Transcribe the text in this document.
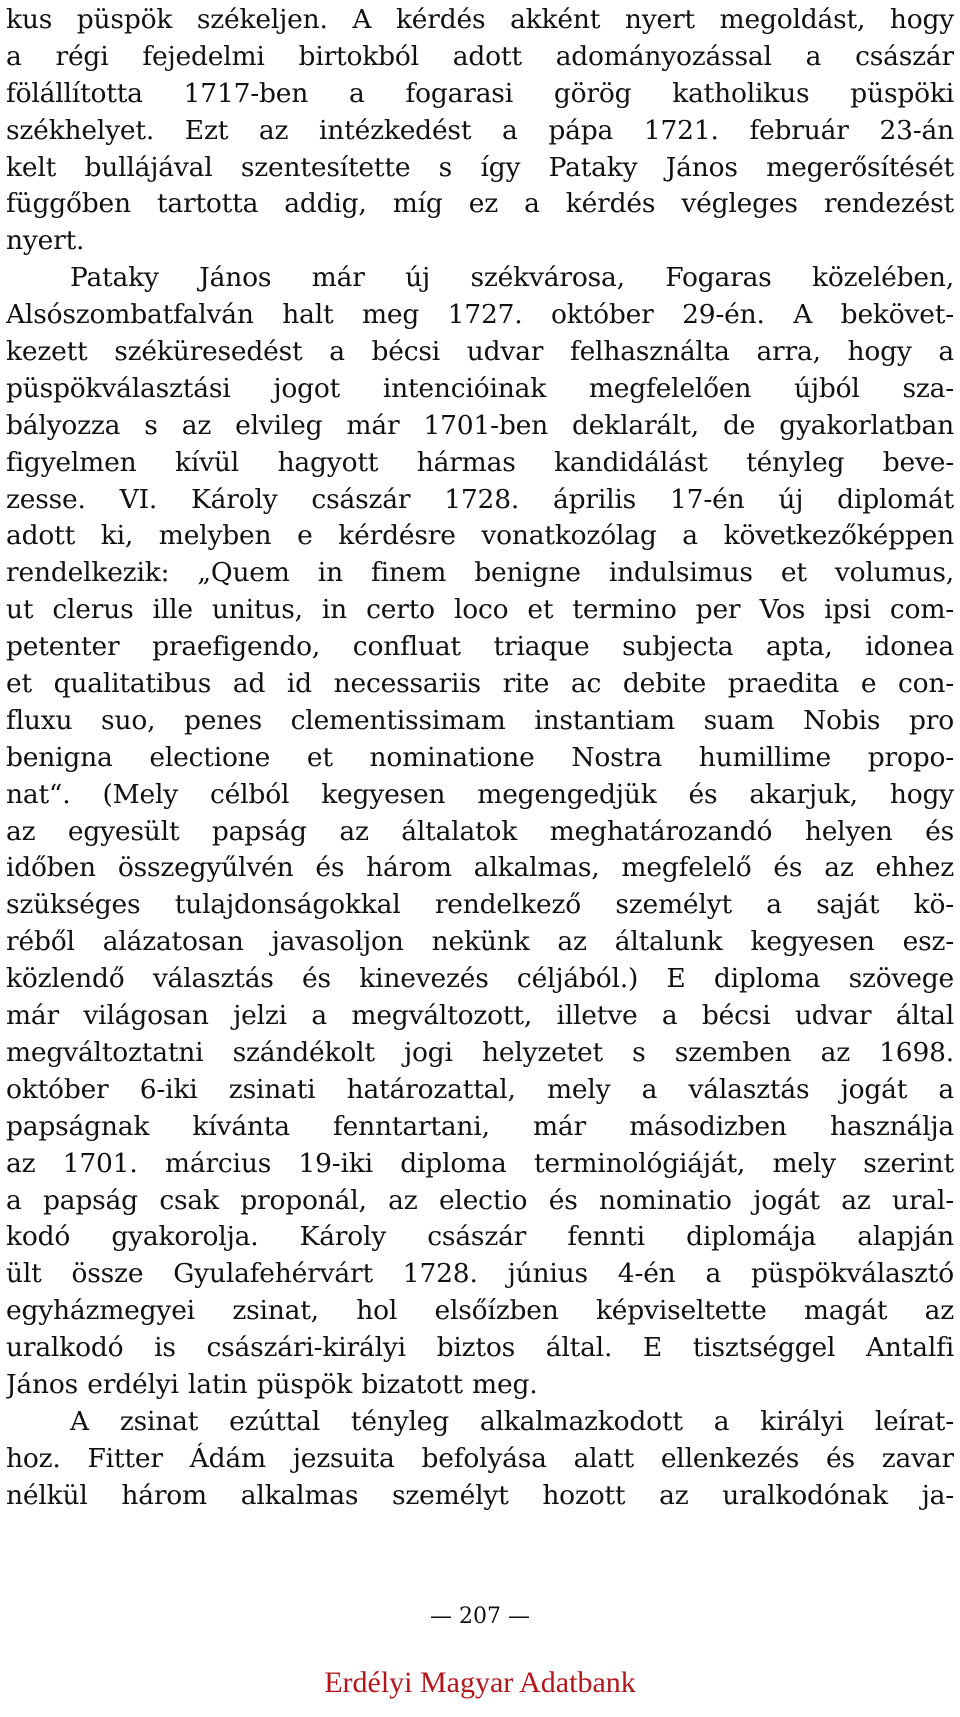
kus püspök székeljen. A kérdés akként nyert megoldást, hogy
a régi fejedelmi birtokból adott adományozással a császár
fölállította 1717-ben a fogarasi görög katholikus püspöki
székhelyet. Ezt az intézkedést a pápa 1721. február 23-án
kelt bullájával szentesítette s így Pataky János megerősítését
függőben tartotta addig, míg ez a kérdés végleges rendezést
nyert.
Pataky János már új székvárosa, Fogaras közelében,
Alsószombatfalván halt meg 1727. október 29-én. A bekövet-
kezett széküresedést a bécsi udvar felhasználta arra, hogy a
püspökválasztási jogot intencióinak megfelelően újból sza-
bályozza s az elvileg már 1701-ben deklarált, de gyakorlatban
figyelmen kívül hagyott hármas kandidálást tényleg beve-
zesse. VI. Károly császár 1728. április 17-én új diplomát
adott ki, melyben e kérdésre vonatkozólag a következőképpen
rendelkezik: „Quem in finem benigne indulsimus et volumus,
ut clerus ille unitus, in certo loco et termino per Vos ipsi com-
petenter praefigendo, confluat triaque subjecta apta, idonea
et qualitatibus ad id necessariis rite ac debite praedita e con-
fluxu suo, penes clementissimam instantiam suam Nobis pro
benigna electione et nominatione Nostra humillime propo-
nat“. (Mely célból kegyesen megengedjük és akarjuk, hogy
az egyesült papság az általatok meghatározandó helyen és
időben összegyűlvén és három alkalmas, megfelelő és az ehhez
szükséges tulajdonságokkal rendelkező személyt a saját kö-
réből alázatosan javasoljon nekünk az általunk kegyesen esz-
közlendő választás és kinevezés céljából.) E diploma szövege
már világosan jelzi a megváltozott, illetve a bécsi udvar által
megváltoztatni szándékolt jogi helyzetet s szemben az 1698.
október 6-iki zsinati határozattal, mely a választás jogát a
papságnak kívánta fenntartani, már másodizben használja
az 1701. március 19-iki diploma terminológiáját, mely szerint
a papság csak proponál, az electio és nominatio jogát az ural-
kodó gyakorolja. Károly császár fennti diplomája alapján
ült össze Gyulafehérvárt 1728. június 4-én a püspökválasztó
egyházmegyei zsinat, hol elsőízben képviseltette magát az
uralkodó is császári-királyi biztos által. E tisztséggel Antalfi
János erdélyi latin püspök bizatott meg.
A zsinat ezúttal tényleg alkalmazkodott a királyi leírat-
hoz. Fitter Ádám jezsuita befolyása alatt ellenkezés és zavar
nélkül három alkalmas személyt hozott az uralkodónak ja-
— 207 —
Erdélyi Magyar Adatbank
